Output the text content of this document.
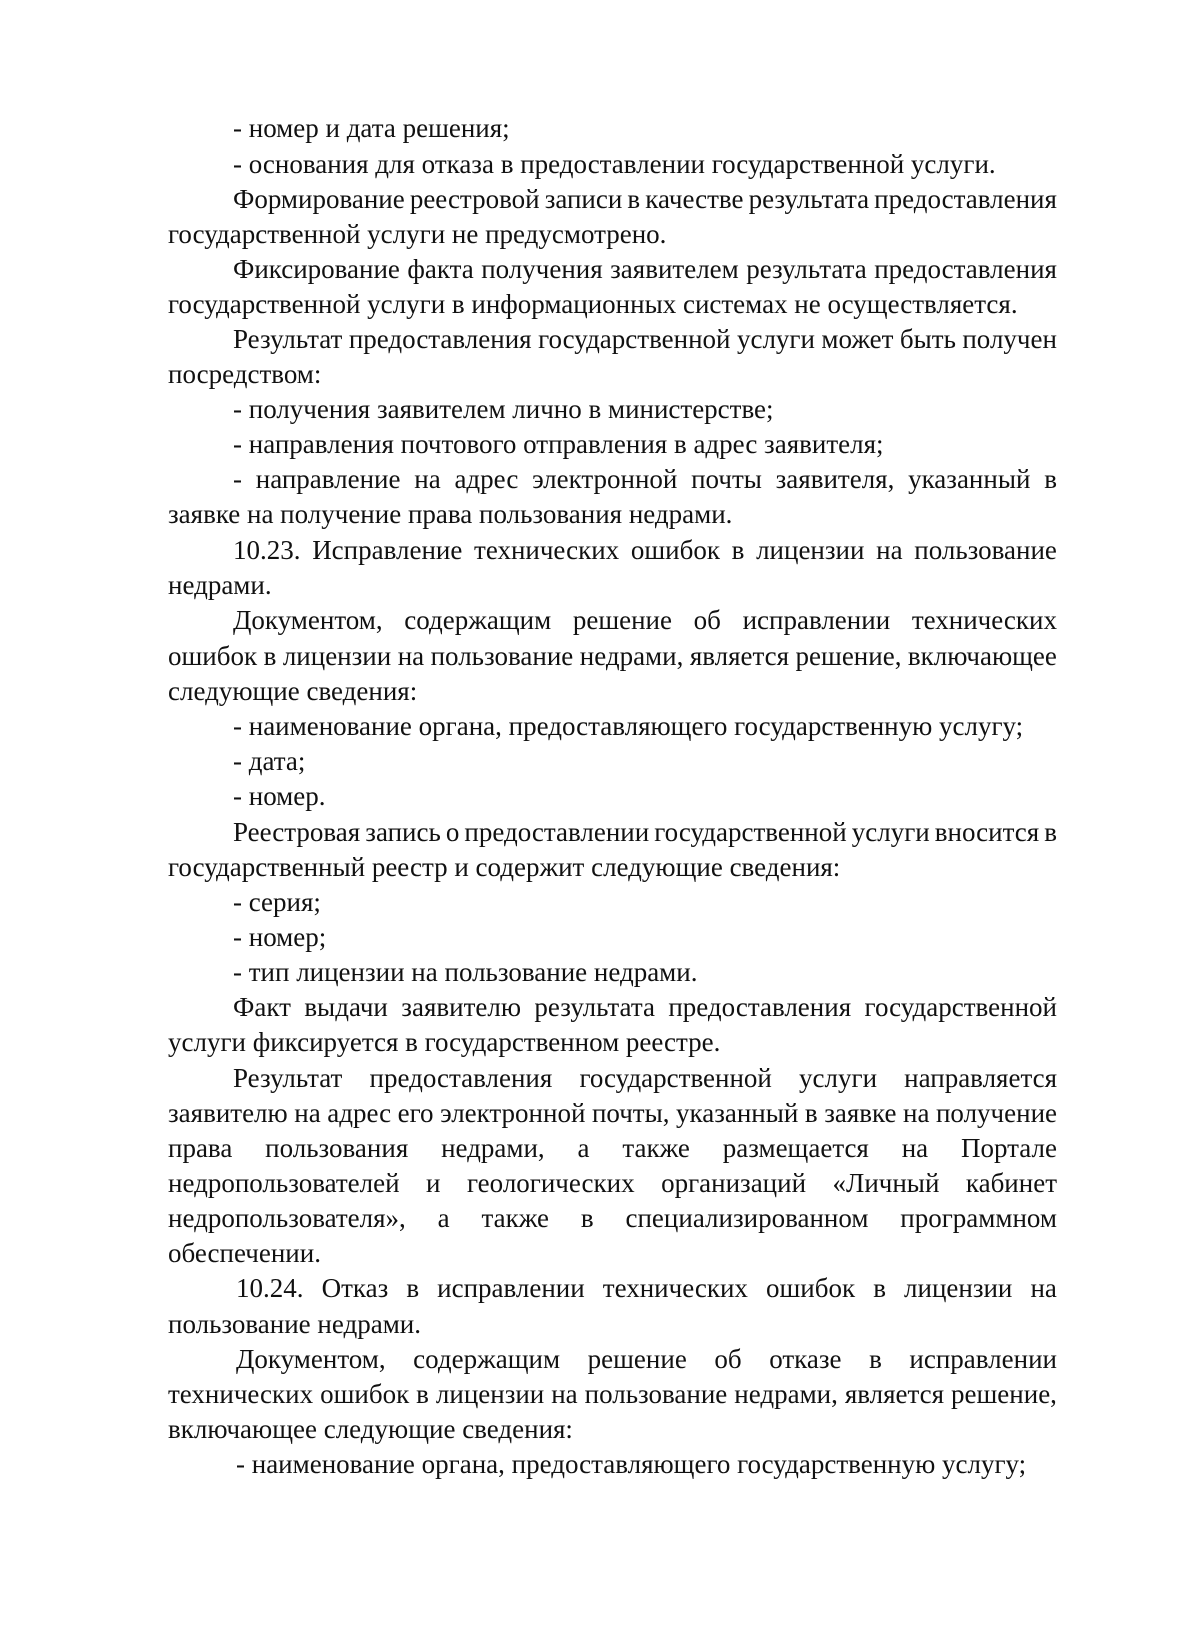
- номер и дата решения;
- основания для отказа в предоставлении государственной услуги.
Формирование реестровой записи в качестве результата предоставления
государственной услуги не предусмотрено.
Фиксирование факта получения заявителем результата предоставления
государственной услуги в информационных системах не осуществляется.
Результат предоставления государственной услуги может быть получен
посредством:
- получения заявителем лично в министерстве;
- направления почтового отправления в адрес заявителя;
- направление на адрес электронной почты заявителя, указанный в
заявке на получение права пользования недрами.
10.23. Исправление технических ошибок в лицензии на пользование
недрами.
Документом, содержащим решение об исправлении технических
ошибок в лицензии на пользование недрами, является решение, включающее
следующие сведения:
- наименование органа, предоставляющего государственную услугу;
- дата;
- номер.
Реестровая запись о предоставлении государственной услуги вносится в
государственный реестр и содержит следующие сведения:
- серия;
- номер;
- тип лицензии на пользование недрами.
Факт выдачи заявителю результата предоставления государственной
услуги фиксируется в государственном реестре.
Результат предоставления государственной услуги направляется
заявителю на адрес его электронной почты, указанный в заявке на получение
права пользования недрами, а также размещается на Портале
недропользователей и геологических организаций «Личный кабинет
недропользователя», а также в специализированном программном
обеспечении.
10.24. Отказ в исправлении технических ошибок в лицензии на
пользование недрами.
Документом, содержащим решение об отказе в исправлении
технических ошибок в лицензии на пользование недрами, является решение,
включающее следующие сведения:
- наименование органа, предоставляющего государственную услугу;
